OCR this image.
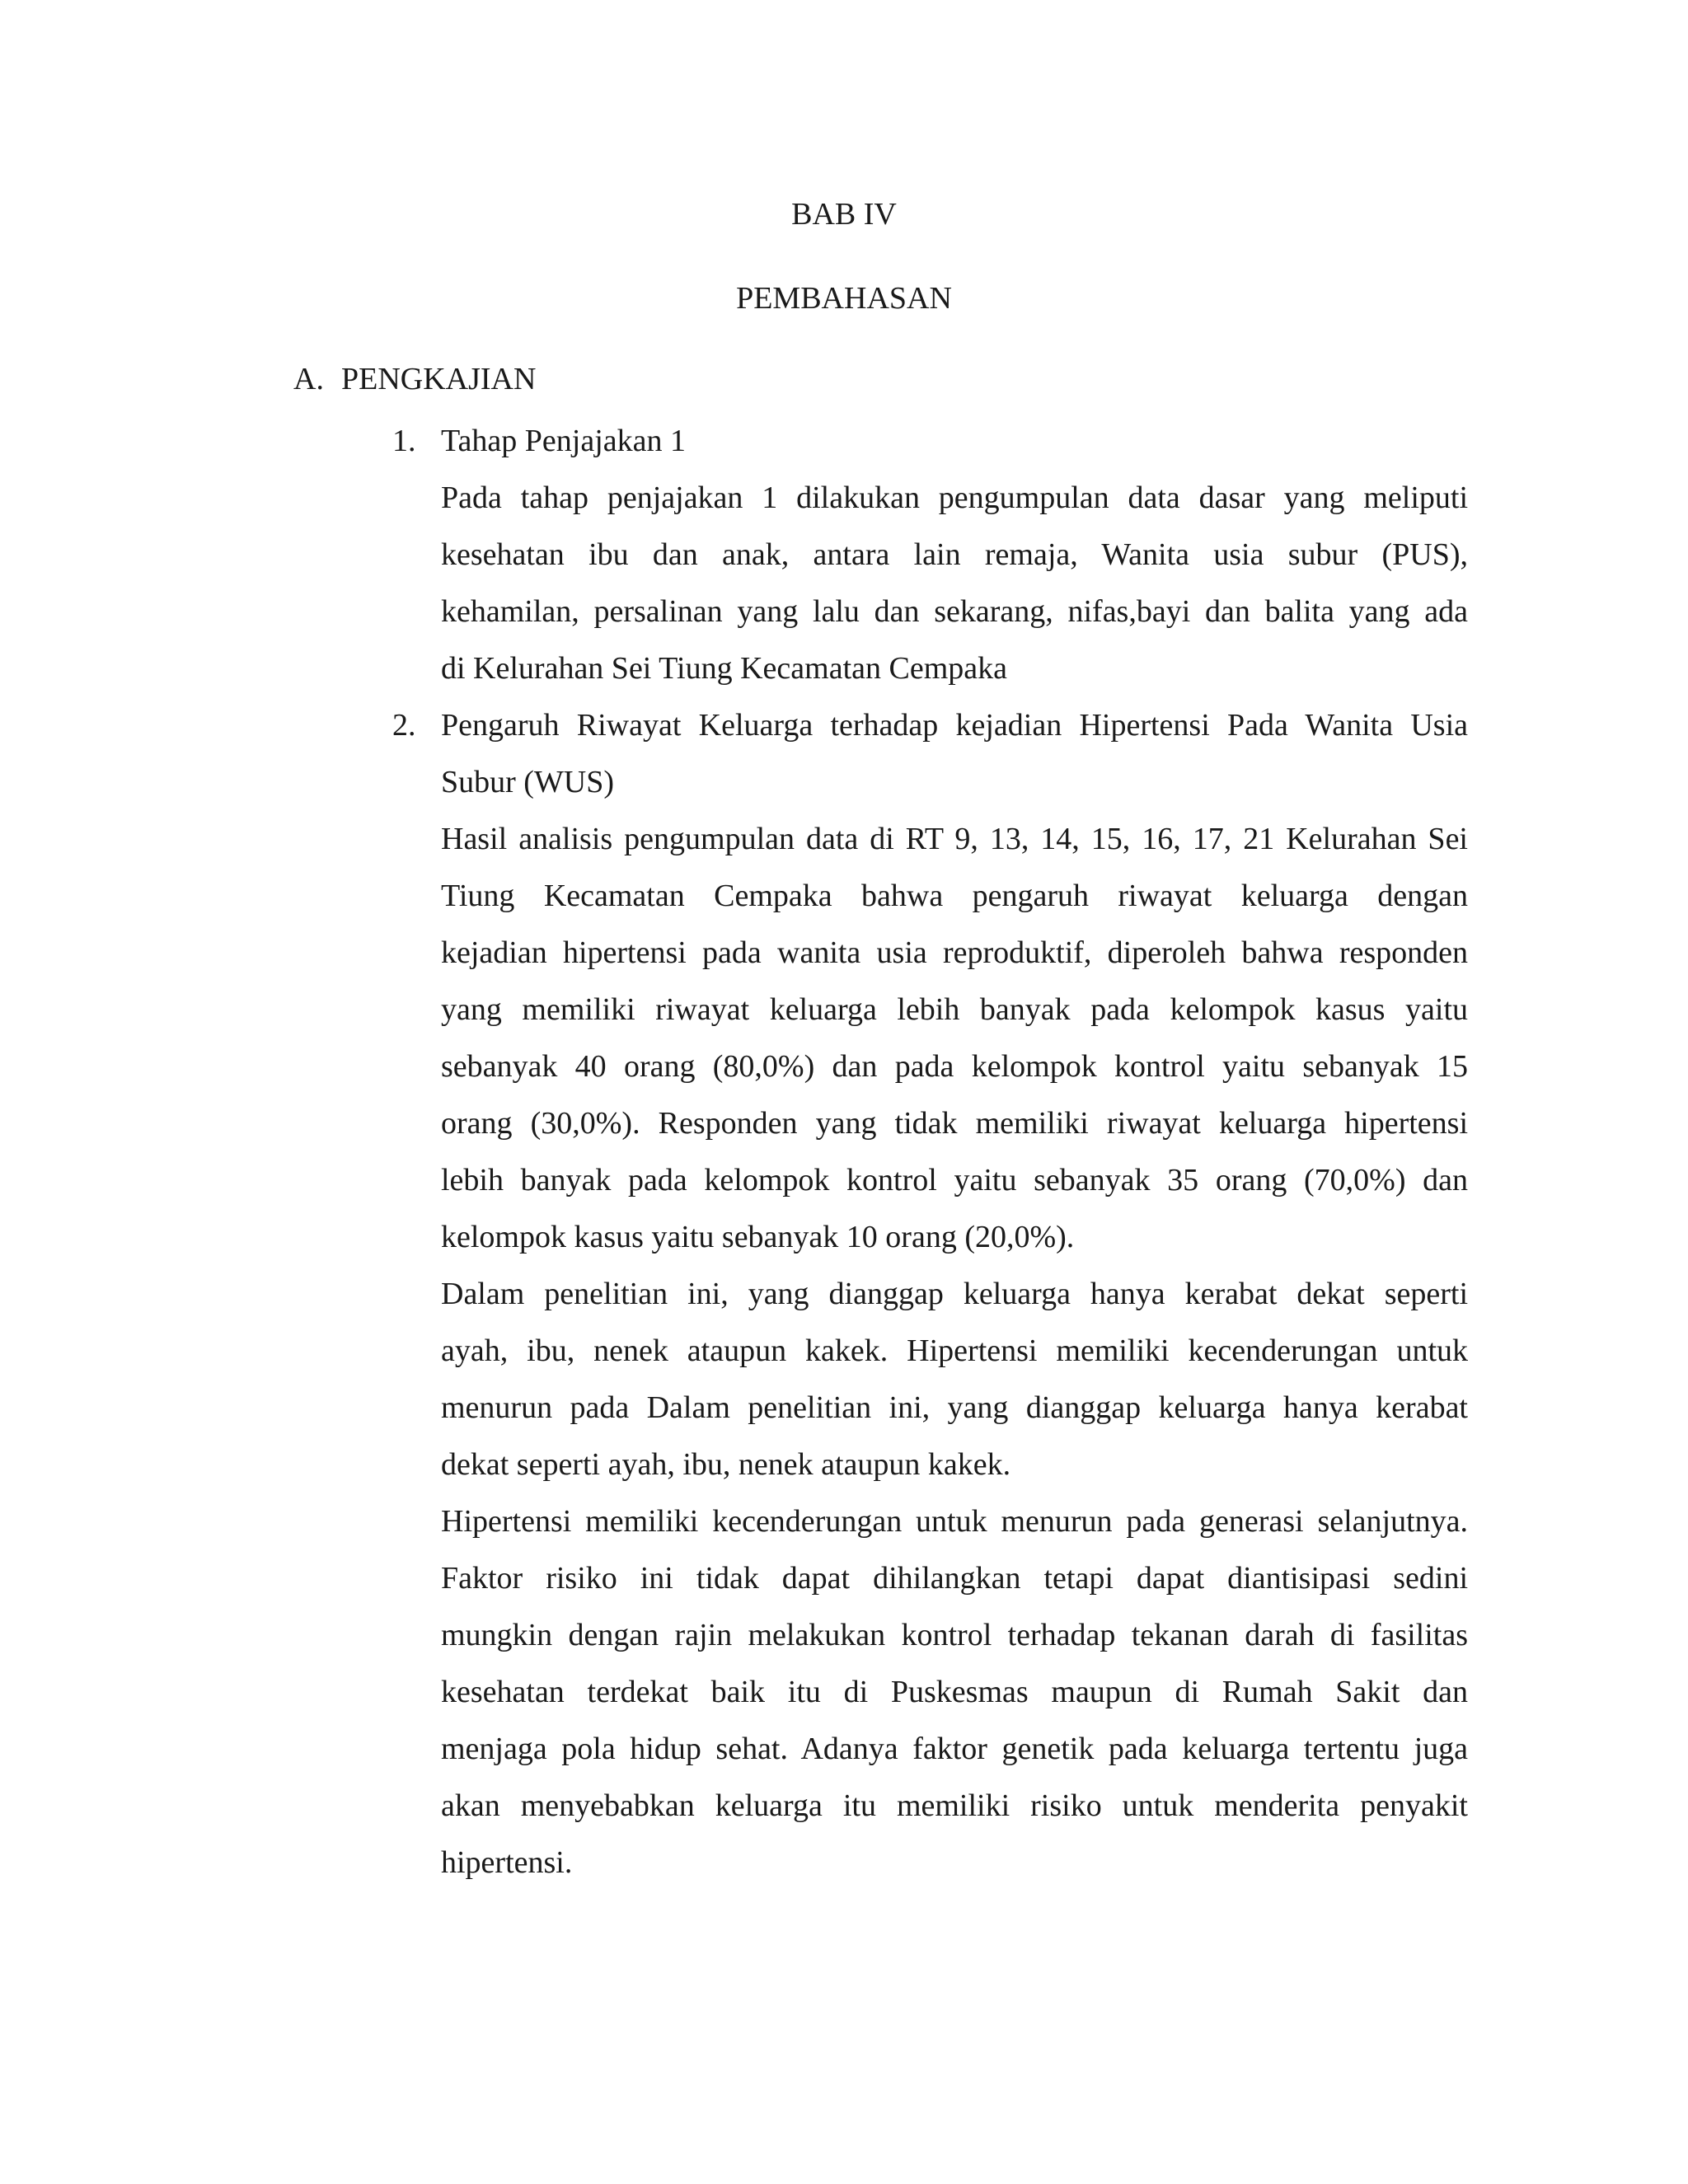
BAB IV
PEMBAHASAN
A. PENGKAJIAN
1. Tahap Penjajakan 1
Pada tahap penjajakan 1 dilakukan pengumpulan data dasar yang meliputi
kesehatan ibu dan anak, antara lain remaja, Wanita usia subur (PUS),
kehamilan, persalinan yang lalu dan sekarang, nifas,bayi dan balita yang ada
di Kelurahan Sei Tiung Kecamatan Cempaka
2. Pengaruh Riwayat Keluarga terhadap kejadian Hipertensi Pada Wanita Usia
Subur (WUS)
Hasil analisis pengumpulan data di RT 9, 13, 14, 15, 16, 17, 21 Kelurahan Sei
Tiung Kecamatan Cempaka bahwa pengaruh riwayat keluarga dengan
kejadian hipertensi pada wanita usia reproduktif, diperoleh bahwa responden
yang memiliki riwayat keluarga lebih banyak pada kelompok kasus yaitu
sebanyak 40 orang (80,0%) dan pada kelompok kontrol yaitu sebanyak 15
orang (30,0%). Responden yang tidak memiliki riwayat keluarga hipertensi
lebih banyak pada kelompok kontrol yaitu sebanyak 35 orang (70,0%) dan
kelompok kasus yaitu sebanyak 10 orang (20,0%).
Dalam penelitian ini, yang dianggap keluarga hanya kerabat dekat seperti
ayah, ibu, nenek ataupun kakek. Hipertensi memiliki kecenderungan untuk
menurun pada Dalam penelitian ini, yang dianggap keluarga hanya kerabat
dekat seperti ayah, ibu, nenek ataupun kakek.
Hipertensi memiliki kecenderungan untuk menurun pada generasi selanjutnya.
Faktor risiko ini tidak dapat dihilangkan tetapi dapat diantisipasi sedini
mungkin dengan rajin melakukan kontrol terhadap tekanan darah di fasilitas
kesehatan terdekat baik itu di Puskesmas maupun di Rumah Sakit dan
menjaga pola hidup sehat. Adanya faktor genetik pada keluarga tertentu juga
akan menyebabkan keluarga itu memiliki risiko untuk menderita penyakit
hipertensi.
